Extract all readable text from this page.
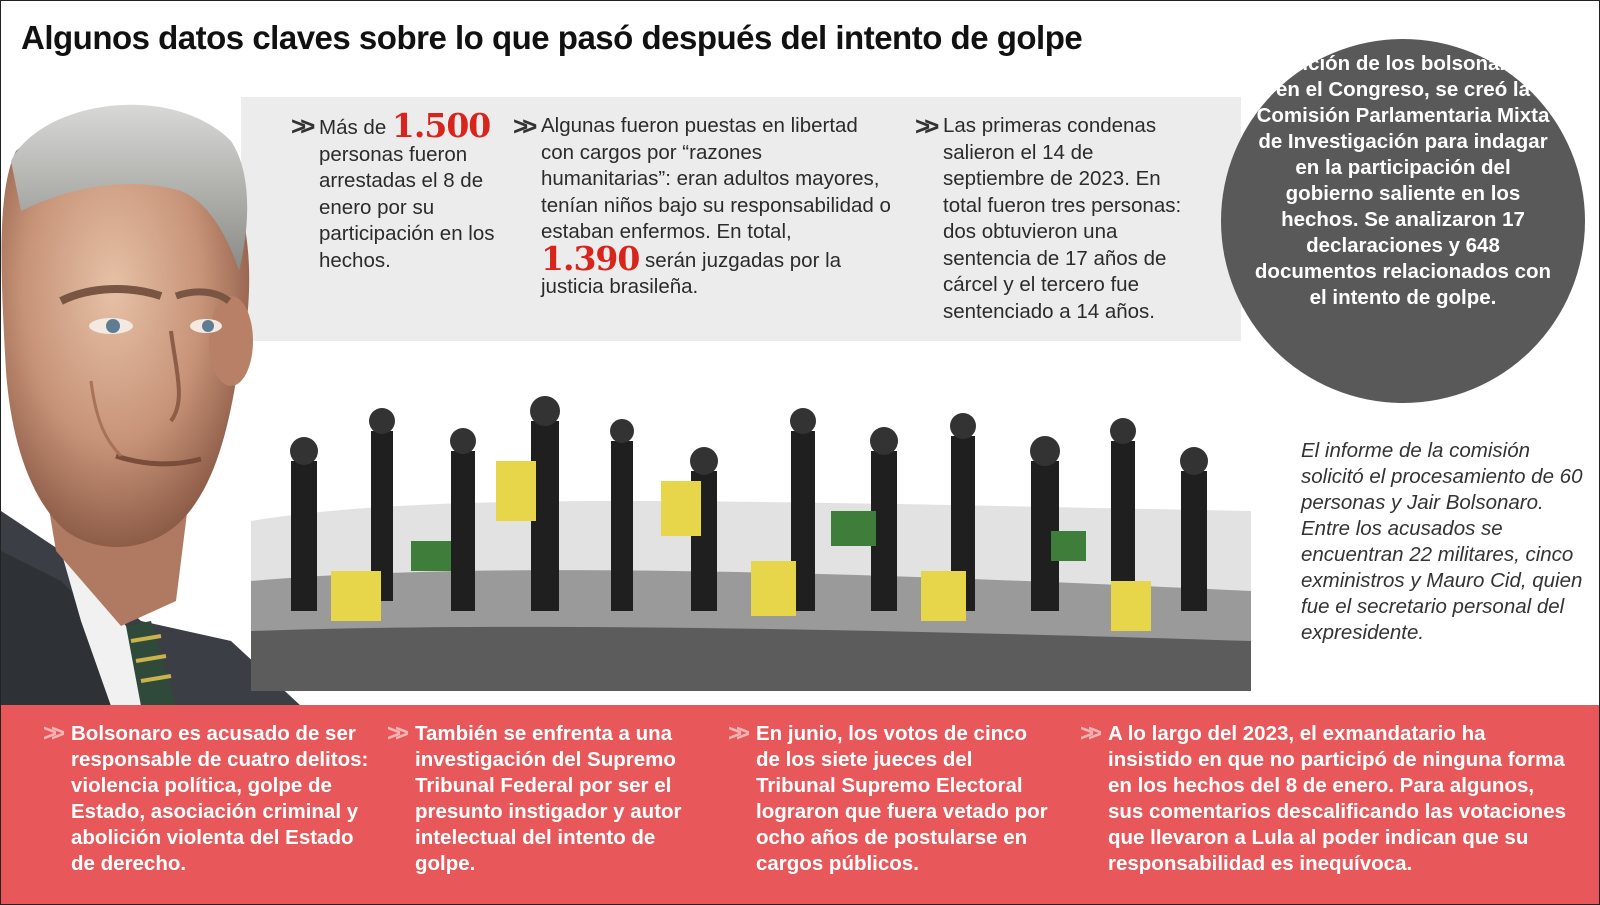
Algunos datos claves sobre lo que pasó después del intento de golpe
>> Más de 1.500 personas fueron arrestadas el 8 de enero por su participación en los hechos.
>> Algunas fueron puestas en libertad con cargos por “razones humanitarias”: eran adultos mayores, tenían niños bajo su responsabilidad o estaban enfermos. En total, 1.390 serán juzgadas por la justicia brasileña.
>> Las primeras condenas salieron el 14 de septiembre de 2023. En total fueron tres personas: dos obtuvieron una sentencia de 17 años de cárcel y el tercero fue sentenciado a 14 años.
A petición de los bolsonaristas en el Congreso, se creó la Comisión Parlamentaria Mixta de Investigación para indagar en la participación del gobierno saliente en los hechos. Se analizaron 17 declaraciones y 648 documentos relacionados con el intento de golpe.
El informe de la comisión solicitó el procesamiento de 60 personas y Jair Bolsonaro. Entre los acusados se encuentran 22 militares, cinco exministros y Mauro Cid, quien fue el secretario personal del expresidente.
>> Bolsonaro es acusado de ser responsable de cuatro delitos: violencia política, golpe de Estado, asociación criminal y abolición violenta del Estado de derecho.
>> También se enfrenta a una investigación del Supremo Tribunal Federal por ser el presunto instigador y autor intelectual del intento de golpe.
>> En junio, los votos de cinco de los siete jueces del Tribunal Supremo Electoral lograron que fuera vetado por ocho años de postularse en cargos públicos.
>> A lo largo del 2023, el exmandatario ha insistido en que no participó de ninguna forma en los hechos del 8 de enero. Para algunos, sus comentarios descalificando las votaciones que llevaron a Lula al poder indican que su responsabilidad es inequívoca.
